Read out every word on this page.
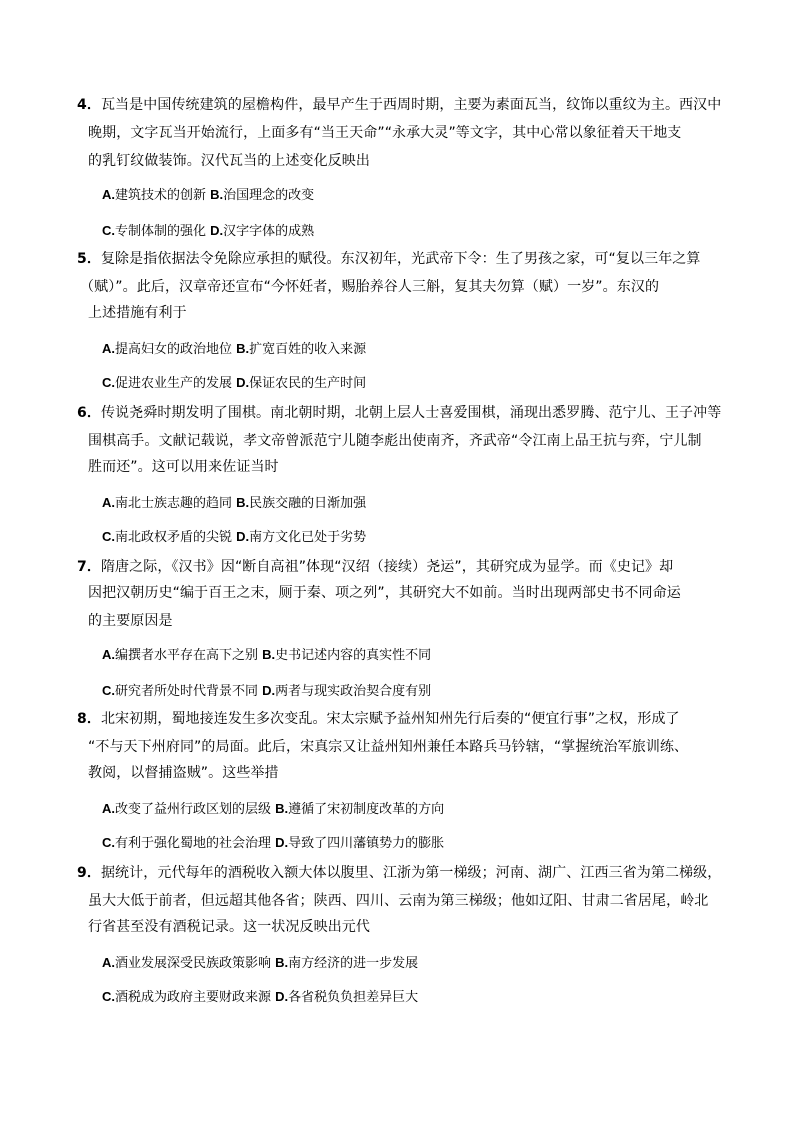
4．瓦当是中国传统建筑的屋檐构件，最早产生于西周时期，主要为素面瓦当，纹饰以重纹为主。西汉中
晚期，文字瓦当开始流行，上面多有“当王天命”“永承大灵”等文字，其中心常以象征着天干地支
的乳钉纹做装饰。汉代瓦当的上述变化反映出
A.建筑技术的创新 B.治国理念的改变
C.专制体制的强化 D.汉字字体的成熟
5．复除是指依据法令免除应承担的赋役。东汉初年，光武帝下令：生了男孩之家，可“复以三年之算
（赋）”。此后，汉章帝还宣布“今怀妊者，赐胎养谷人三斛，复其夫勿算（赋）一岁”。东汉的
上述措施有利于
A.提高妇女的政治地位 B.扩宽百姓的收入来源
C.促进农业生产的发展 D.保证农民的生产时间
6．传说尧舜时期发明了围棋。南北朝时期，北朝上层人士喜爱围棋，涌现出悉罗腾、范宁儿、王子冲等
围棋高手。文献记载说，孝文帝曾派范宁儿随李彪出使南齐，齐武帝“令江南上品王抗与弈，宁儿制
胜而还”。这可以用来佐证当时
A.南北士族志趣的趋同 B.民族交融的日渐加强
C.南北政权矛盾的尖锐 D.南方文化已处于劣势
7．隋唐之际，《汉书》因“断自高祖”体现“汉绍（接续）尧运”，其研究成为显学。而《史记》却
因把汉朝历史“编于百王之末，厕于秦、项之列”，其研究大不如前。当时出现两部史书不同命运
的主要原因是
A.编撰者水平存在高下之别 B.史书记述内容的真实性不同
C.研究者所处时代背景不同 D.两者与现实政治契合度有别
8．北宋初期，蜀地接连发生多次变乱。宋太宗赋予益州知州先行后奏的“便宜行事”之权，形成了
“不与天下州府同”的局面。此后，宋真宗又让益州知州兼任本路兵马钤辖，“掌握统治军旅训练、
教阅，以督捕盗贼”。这些举措
A.改变了益州行政区划的层级 B.遵循了宋初制度改革的方向
C.有利于强化蜀地的社会治理 D.导致了四川藩镇势力的膨胀
9．据统计，元代每年的酒税收入额大体以腹里、江浙为第一梯级；河南、湖广、江西三省为第二梯级，
虽大大低于前者，但远超其他各省；陕西、四川、云南为第三梯级；他如辽阳、甘肃二省居尾，岭北
行省甚至没有酒税记录。这一状况反映出元代
A.酒业发展深受民族政策影响 B.南方经济的进一步发展
C.酒税成为政府主要财政来源 D.各省税负负担差异巨大
